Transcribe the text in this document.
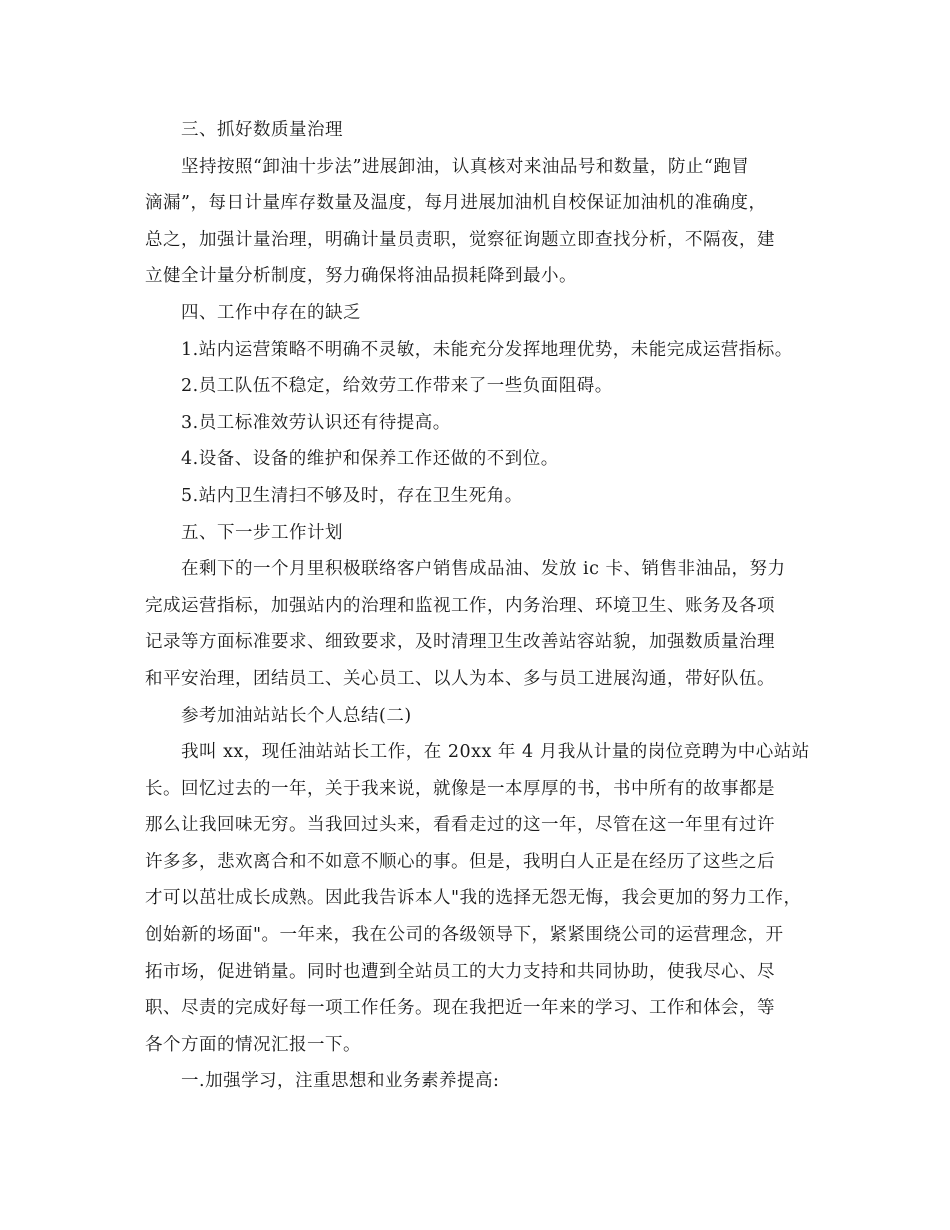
三、抓好数质量治理
坚持按照“卸油十步法”进展卸油，认真核对来油品号和数量，防止“跑冒
滴漏”，每日计量库存数量及温度，每月进展加油机自校保证加油机的准确度，
总之，加强计量治理，明确计量员责职，觉察征询题立即查找分析，不隔夜，建
立健全计量分析制度，努力确保将油品损耗降到最小。
四、工作中存在的缺乏
1.站内运营策略不明确不灵敏，未能充分发挥地理优势，未能完成运营指标。
2.员工队伍不稳定，给效劳工作带来了一些负面阻碍。
3.员工标准效劳认识还有待提高。
4.设备、设备的维护和保养工作还做的不到位。
5.站内卫生清扫不够及时，存在卫生死角。
五、下一步工作计划
在剩下的一个月里积极联络客户销售成品油、发放 ic 卡、销售非油品，努力
完成运营指标，加强站内的治理和监视工作，内务治理、环境卫生、账务及各项
记录等方面标准要求、细致要求，及时清理卫生改善站容站貌，加强数质量治理
和平安治理，团结员工、关心员工、以人为本、多与员工进展沟通，带好队伍。
参考加油站站长个人总结(二)
我叫 xx，现任油站站长工作，在 20xx 年 4 月我从计量的岗位竞聘为中心站站
长。回忆过去的一年，关于我来说，就像是一本厚厚的书，书中所有的故事都是
那么让我回味无穷。当我回过头来，看看走过的这一年，尽管在这一年里有过许
许多多，悲欢离合和不如意不顺心的事。但是，我明白人正是在经历了这些之后
才可以茁壮成长成熟。因此我告诉本人"我的选择无怨无悔，我会更加的努力工作，
创始新的场面"。一年来，我在公司的各级领导下，紧紧围绕公司的运营理念，开
拓市场，促进销量。同时也遭到全站员工的大力支持和共同协助，使我尽心、尽
职、尽责的完成好每一项工作任务。现在我把近一年来的学习、工作和体会，等
各个方面的情况汇报一下。
一.加强学习，注重思想和业务素养提高:
